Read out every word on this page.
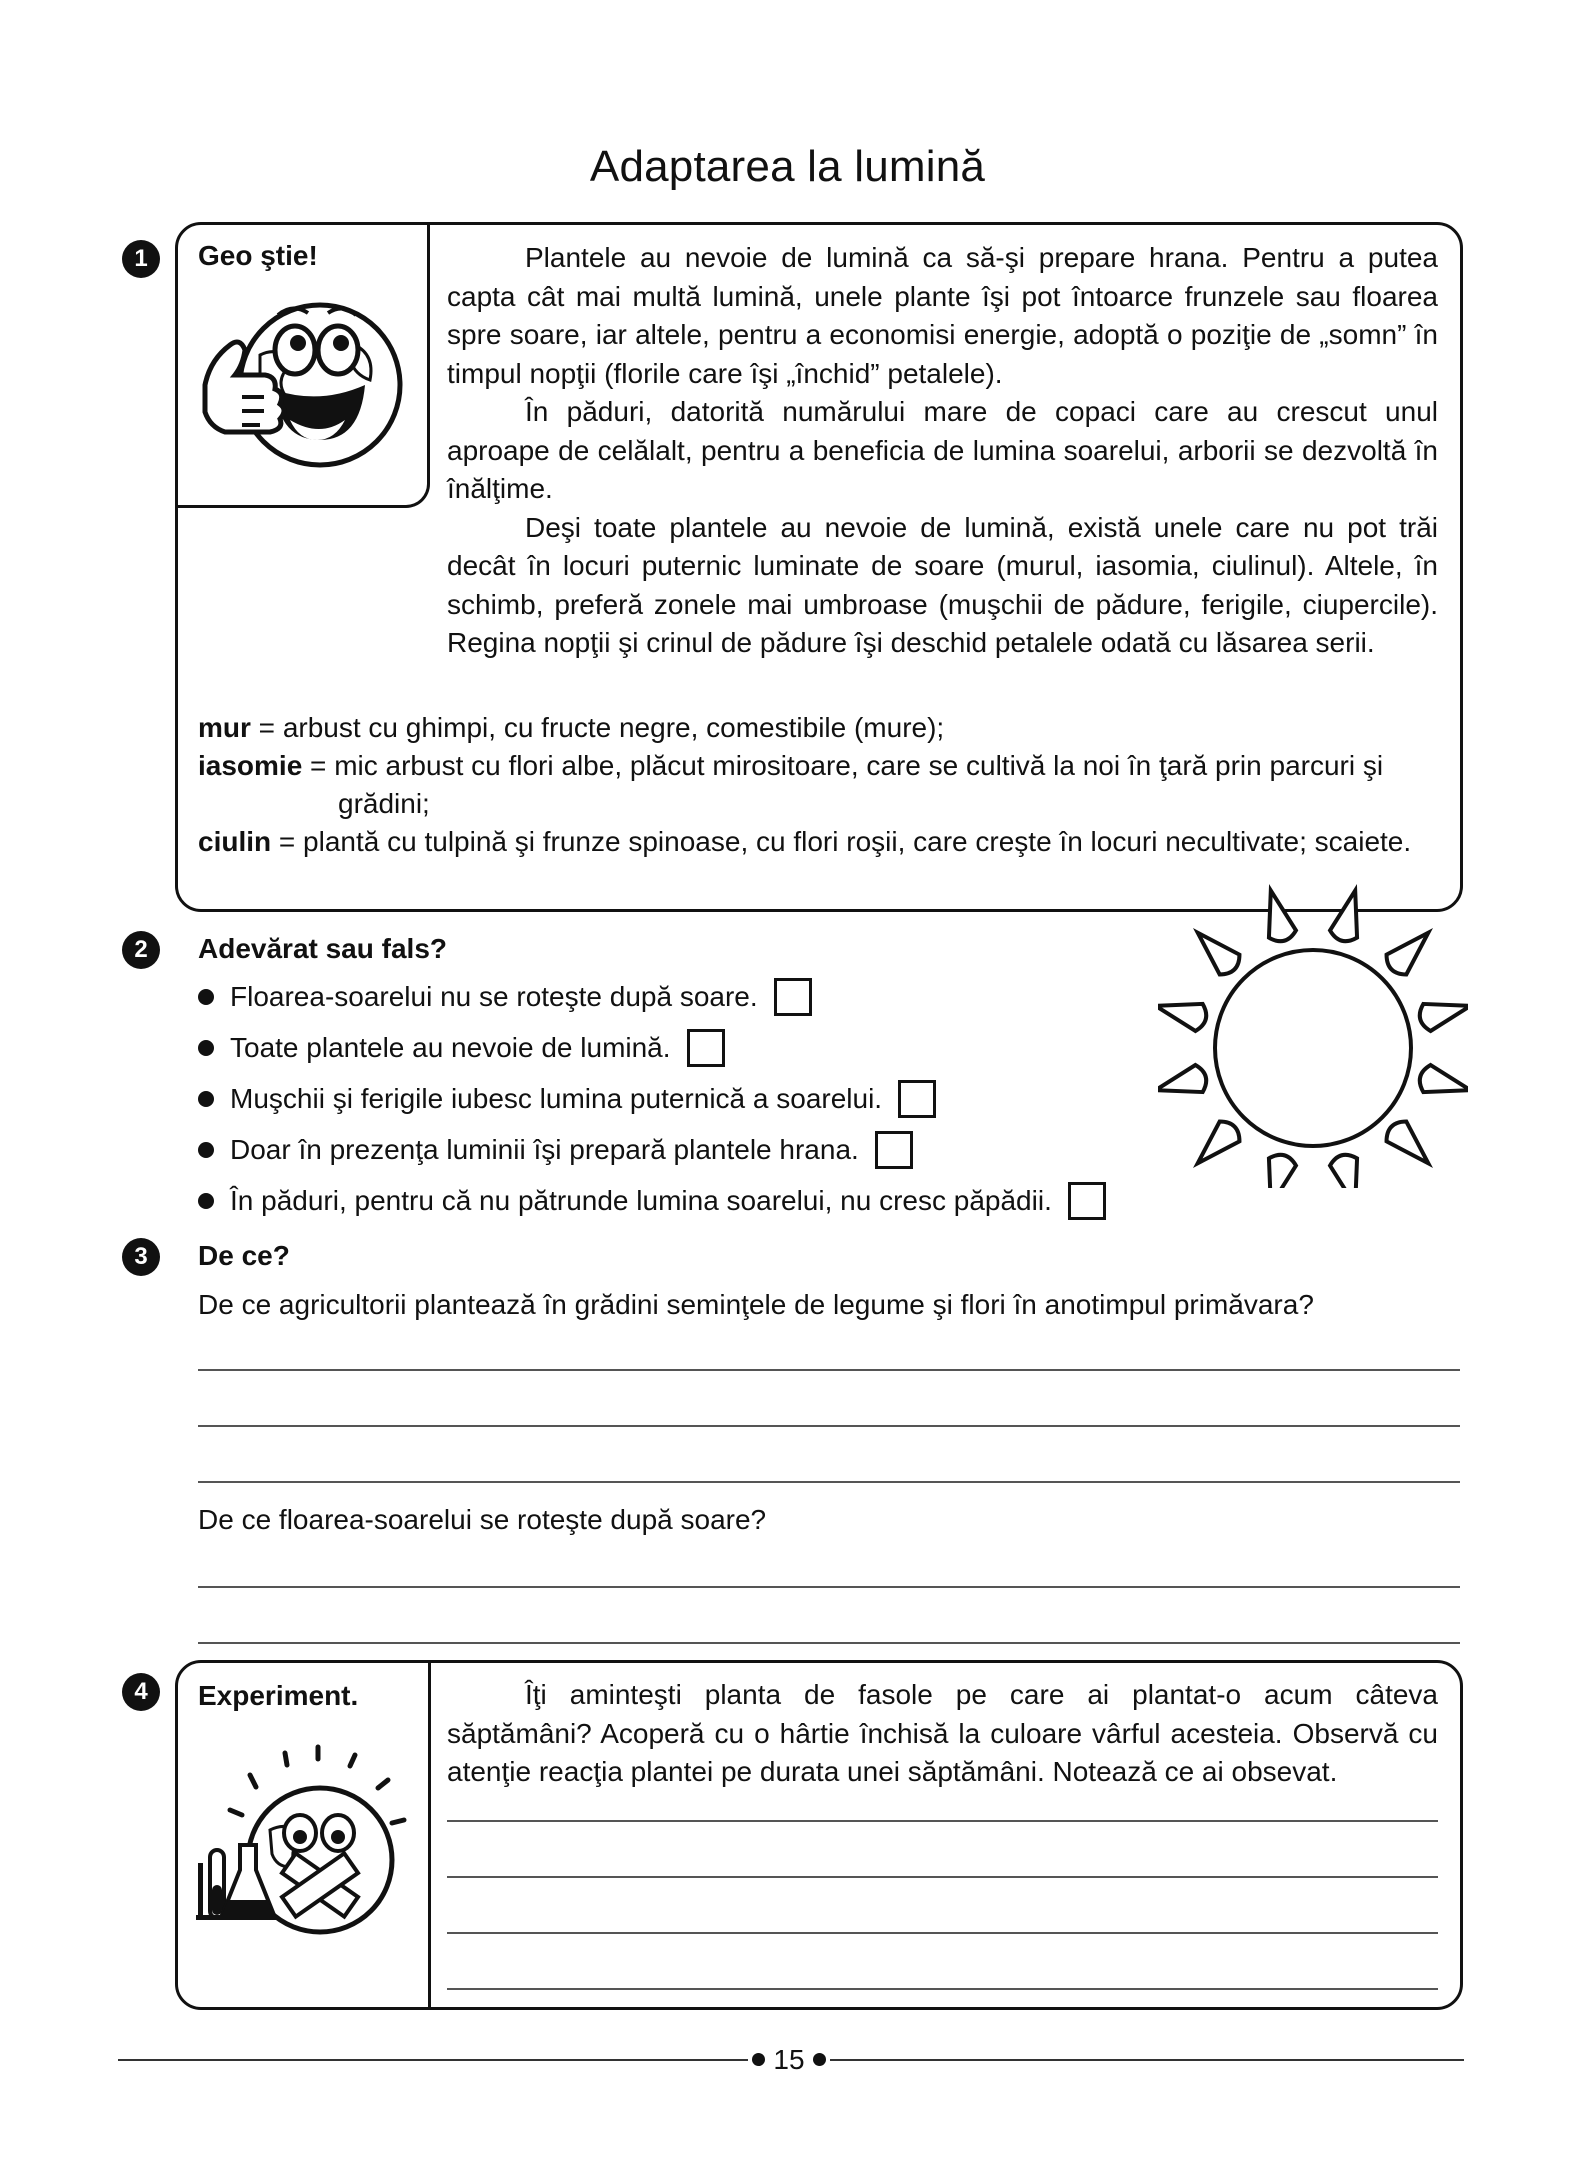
Adaptarea la lumină
1	Geo ştie!	Plantele au nevoie de lumină ca să-şi prepare hrana. Pentru a putea capta cât mai multă lumină, unele plante îşi pot întoarce frunzele sau floarea spre soare, iar altele, pentru a economisi energie, adoptă o poziţie de „somn” în timpul nopţii (florile care îşi „închid” petalele).

În păduri, datorită numărului mare de copaci care au crescut unul aproape de celălalt, pentru a beneficia de lumina soarelui, arborii se dezvoltă în înălţime.

Deşi toate plantele au nevoie de lumină, există unele care nu pot trăi decât în locuri puternic luminate de soare (murul, iasomia, ciulinul). Altele, în schimb, preferă zonele mai umbroase (muşchii de pădure, ferigile, ciupercile). Regina nopţii şi crinul de pădure îşi deschid petalele odată cu lăsarea serii.

mur = arbust cu ghimpi, cu fructe negre, comestibile (mure);
iasomie = mic arbust cu flori albe, plăcut mirositoare, care se cultivă la noi în ţară prin parcuri şi grădini;
ciulin = plantă cu tulpină şi frunze spinoase, cu flori roşii, care creşte în locuri necultivate; scaiete.
2	Adevărat sau fals?
Floarea-soarelui nu se roteşte după soare.
Toate plantele au nevoie de lumină.
Muşchii şi ferigile iubesc lumina puternică a soarelui.
Doar în prezenţa luminii îşi prepară plantele hrana.
În păduri, pentru că nu pătrunde lumina soarelui, nu cresc păpădii.
3	De ce?
De ce agricultorii plantează în grădini seminţele de legume şi flori în anotimpul primăvara?
De ce floarea-soarelui se roteşte după soare?
4	Experiment.	Îţi aminteşti planta de fasole pe care ai plantat-o acum câteva săptămâni? Acoperă cu o hârtie închisă la culoare vârful acesteia. Observă cu atenţie reacţia plantei pe durata unei săptămâni. Notează ce ai obsevat.

15
